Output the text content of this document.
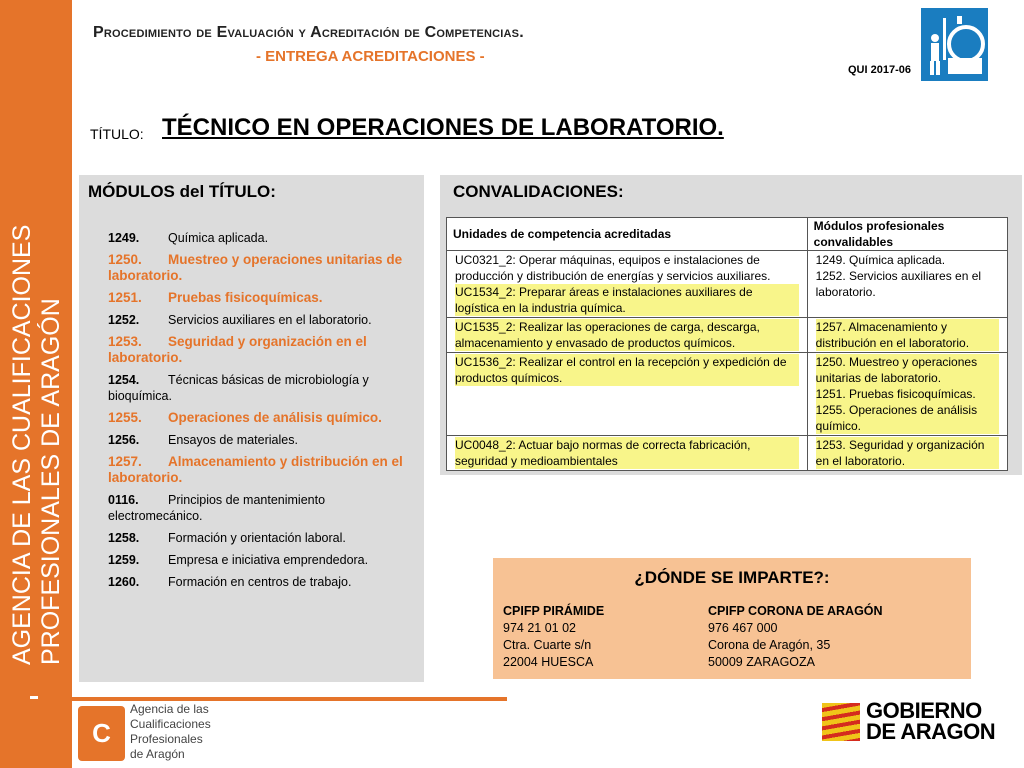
AGENCIA DE LAS CUALIFICACIONES PROFESIONALES DE ARAGÓN
Procedimiento de Evaluación y Acreditación de Competencias.
- ENTREGA ACREDITACIONES -
QUI 2017-06
TÍTULO: TÉCNICO EN OPERACIONES DE LABORATORIO.
MÓDULOS del TÍTULO:
1249. Química aplicada.
1250. Muestreo y operaciones unitarias de laboratorio.
1251. Pruebas fisicoquímicas.
1252. Servicios auxiliares en el laboratorio.
1253. Seguridad y organización en el laboratorio.
1254. Técnicas básicas de microbiología y bioquímica.
1255. Operaciones de análisis químico.
1256. Ensayos de materiales.
1257. Almacenamiento y distribución en el laboratorio.
0116. Principios de mantenimiento electromecánico.
1258. Formación y orientación laboral.
1259. Empresa e iniciativa emprendedora.
1260. Formación en centros de trabajo.
CONVALIDACIONES:
Unidades de competencia acreditadas	Módulos profesionales convalidables

UC0321_2: Operar máquinas, equipos e instalaciones de producción y distribución de energías y servicios auxiliares.
UC1534_2: Preparar áreas e instalaciones auxiliares de logística en la industria química.	1249. Química aplicada.
1252. Servicios auxiliares en el laboratorio.

UC1535_2: Realizar las operaciones de carga, descarga, almacenamiento y envasado de productos químicos.	1257. Almacenamiento y distribución en el laboratorio.

UC1536_2: Realizar el control en la recepción y expedición de productos químicos.	1250. Muestreo y operaciones unitarias de laboratorio.
1251. Pruebas fisicoquímicas.
1255. Operaciones de análisis químico.

UC0048_2: Actuar bajo normas de correcta fabricación, seguridad y medioambientales	1253. Seguridad y organización en el laboratorio.
¿DÓNDE SE IMPARTE?:
CPIFP PIRÁMIDE
974 21 01 02
Ctra. Cuarte s/n
22004 HUESCA
CPIFP CORONA DE ARAGÓN
976 467 000
Corona de Aragón, 35
50009 ZARAGOZA
C
Agencia de las
Cualificaciones
Profesionales
de Aragón
GOBIERNO
DE ARAGON
